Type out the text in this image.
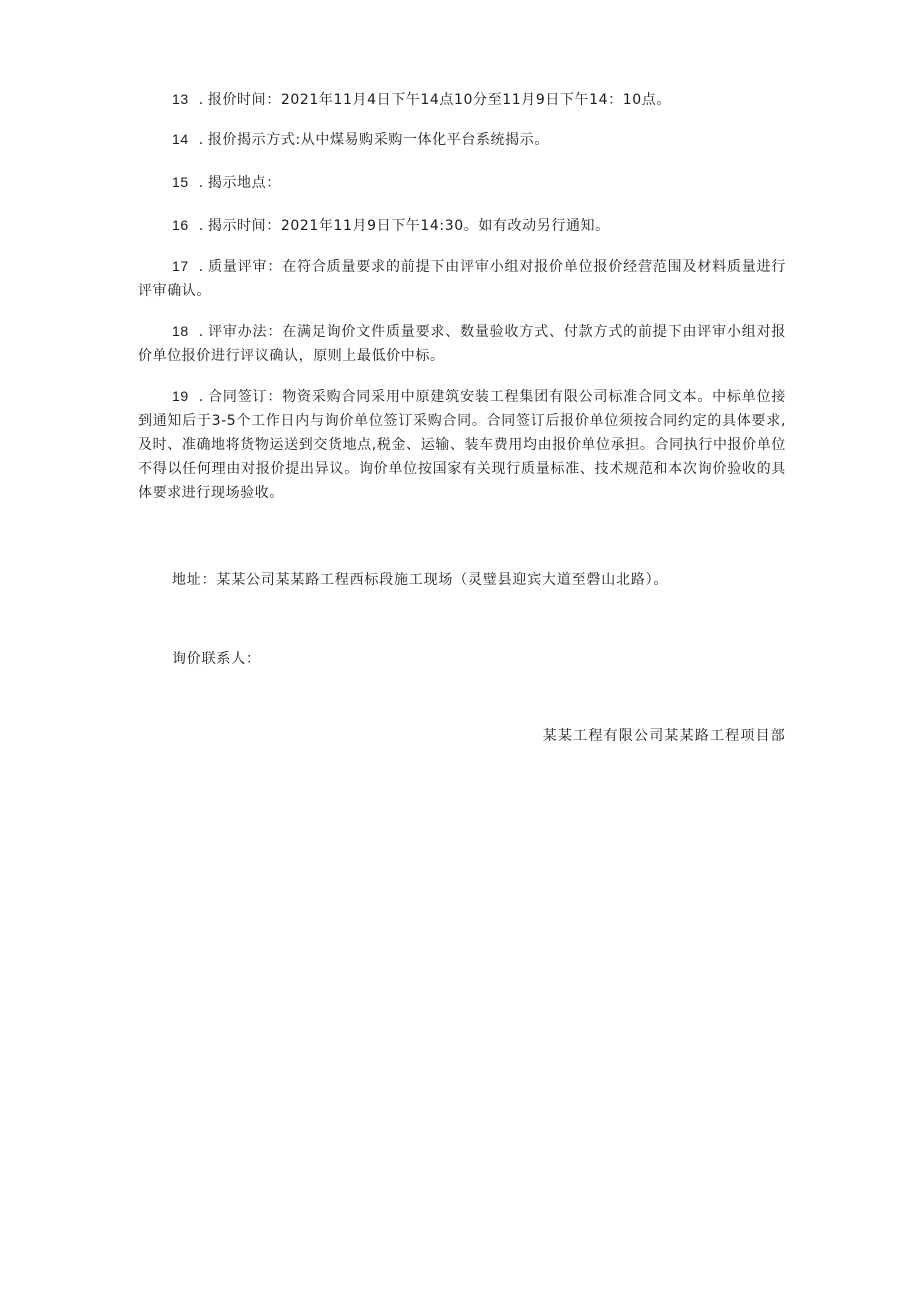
13 . 报价时间：2021年11月4日下午14点10分至11月9日下午14：10点。
14 . 报价揭示方式:从中煤易购采购一体化平台系统揭示。
15 . 揭示地点：
16 . 揭示时间：2021年11月9日下午14:30。如有改动另行通知。
17 . 质量评审：在符合质量要求的前提下由评审小组对报价单位报价经营范围及材料质量进行评审确认。
18 . 评审办法：在满足询价文件质量要求、数量验收方式、付款方式的前提下由评审小组对报价单位报价进行评议确认，原则上最低价中标。
19 . 合同签订：物资采购合同采用中原建筑安装工程集团有限公司标准合同文本。中标单位接到通知后于3-5个工作日内与询价单位签订采购合同。合同签订后报价单位须按合同约定的具体要求,及时、准确地将货物运送到交货地点,税金、运输、装车费用均由报价单位承担。合同执行中报价单位不得以任何理由对报价提出异议。询价单位按国家有关现行质量标准、技术规范和本次询价验收的具体要求进行现场验收。
地址：某某公司某某路工程西标段施工现场（灵璧县迎宾大道至磬山北路）。
询价联系人：
某某工程有限公司某某路工程项目部
